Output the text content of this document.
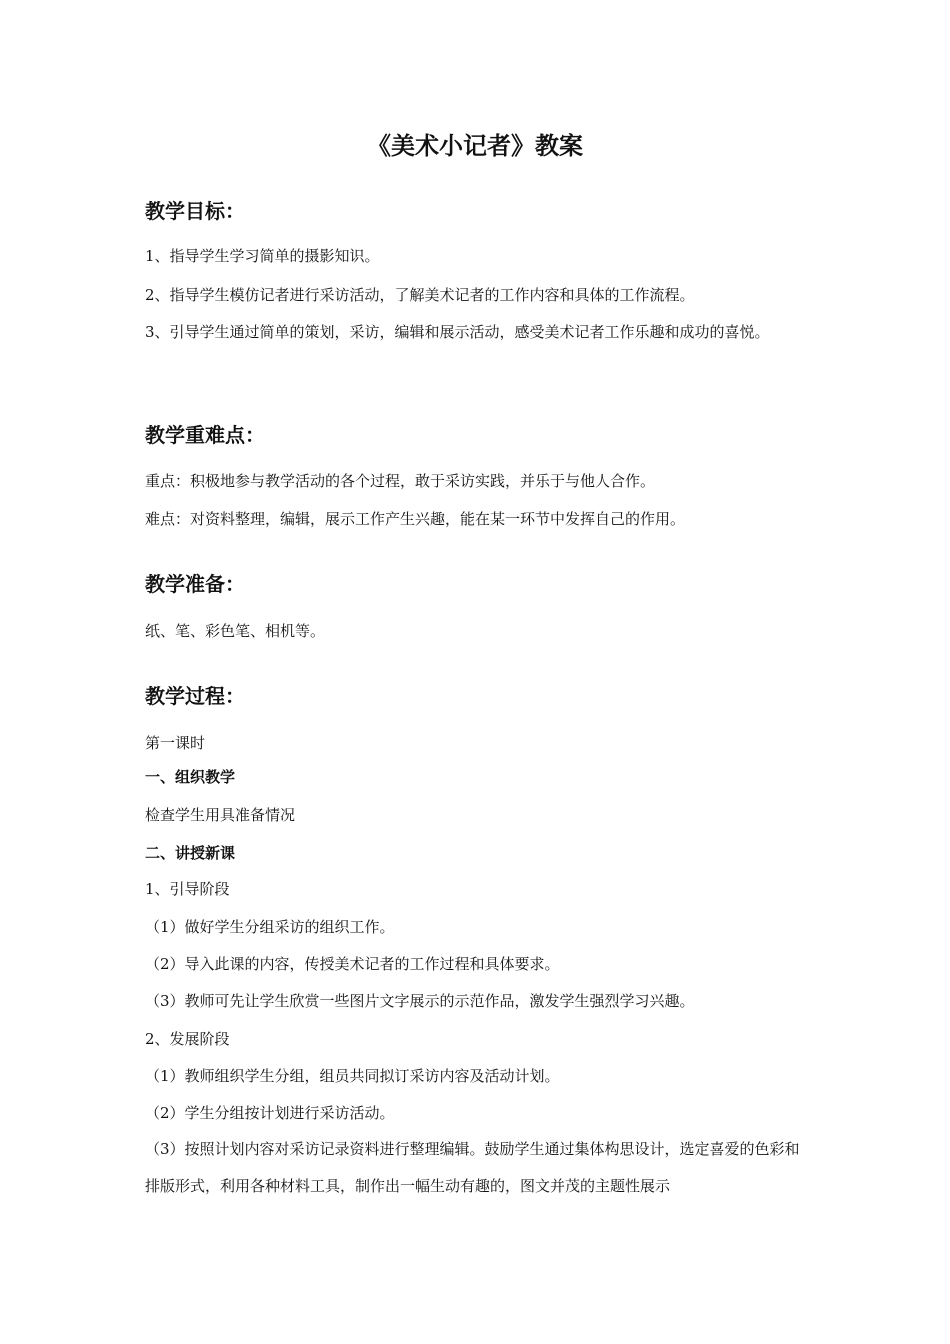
《美术小记者》教案
教学目标：

1、指导学生学习简单的摄影知识。

2、指导学生模仿记者进行采访活动，了解美术记者的工作内容和具体的工作流程。

3、引导学生通过简单的策划，采访，编辑和展示活动，感受美术记者工作乐趣和成功的喜悦。

教学重难点：

重点：积极地参与教学活动的各个过程，敢于采访实践，并乐于与他人合作。

难点：对资料整理，编辑，展示工作产生兴趣，能在某一环节中发挥自己的作用。

教学准备：

纸、笔、彩色笔、相机等。

教学过程：

第一课时

一、组织教学

检查学生用具准备情况

二、讲授新课

1、引导阶段

（1）做好学生分组采访的组织工作。

（2）导入此课的内容，传授美术记者的工作过程和具体要求。

（3）教师可先让学生欣赏一些图片文字展示的示范作品，激发学生强烈学习兴趣。

2、发展阶段

（1）教师组织学生分组，组员共同拟订采访内容及活动计划。

（2）学生分组按计划进行采访活动。

（3）按照计划内容对采访记录资料进行整理编辑。鼓励学生通过集体构思设计，选定喜爱的色彩和排版形式，利用各种材料工具，制作出一幅生动有趣的，图文并茂的主题性展示
